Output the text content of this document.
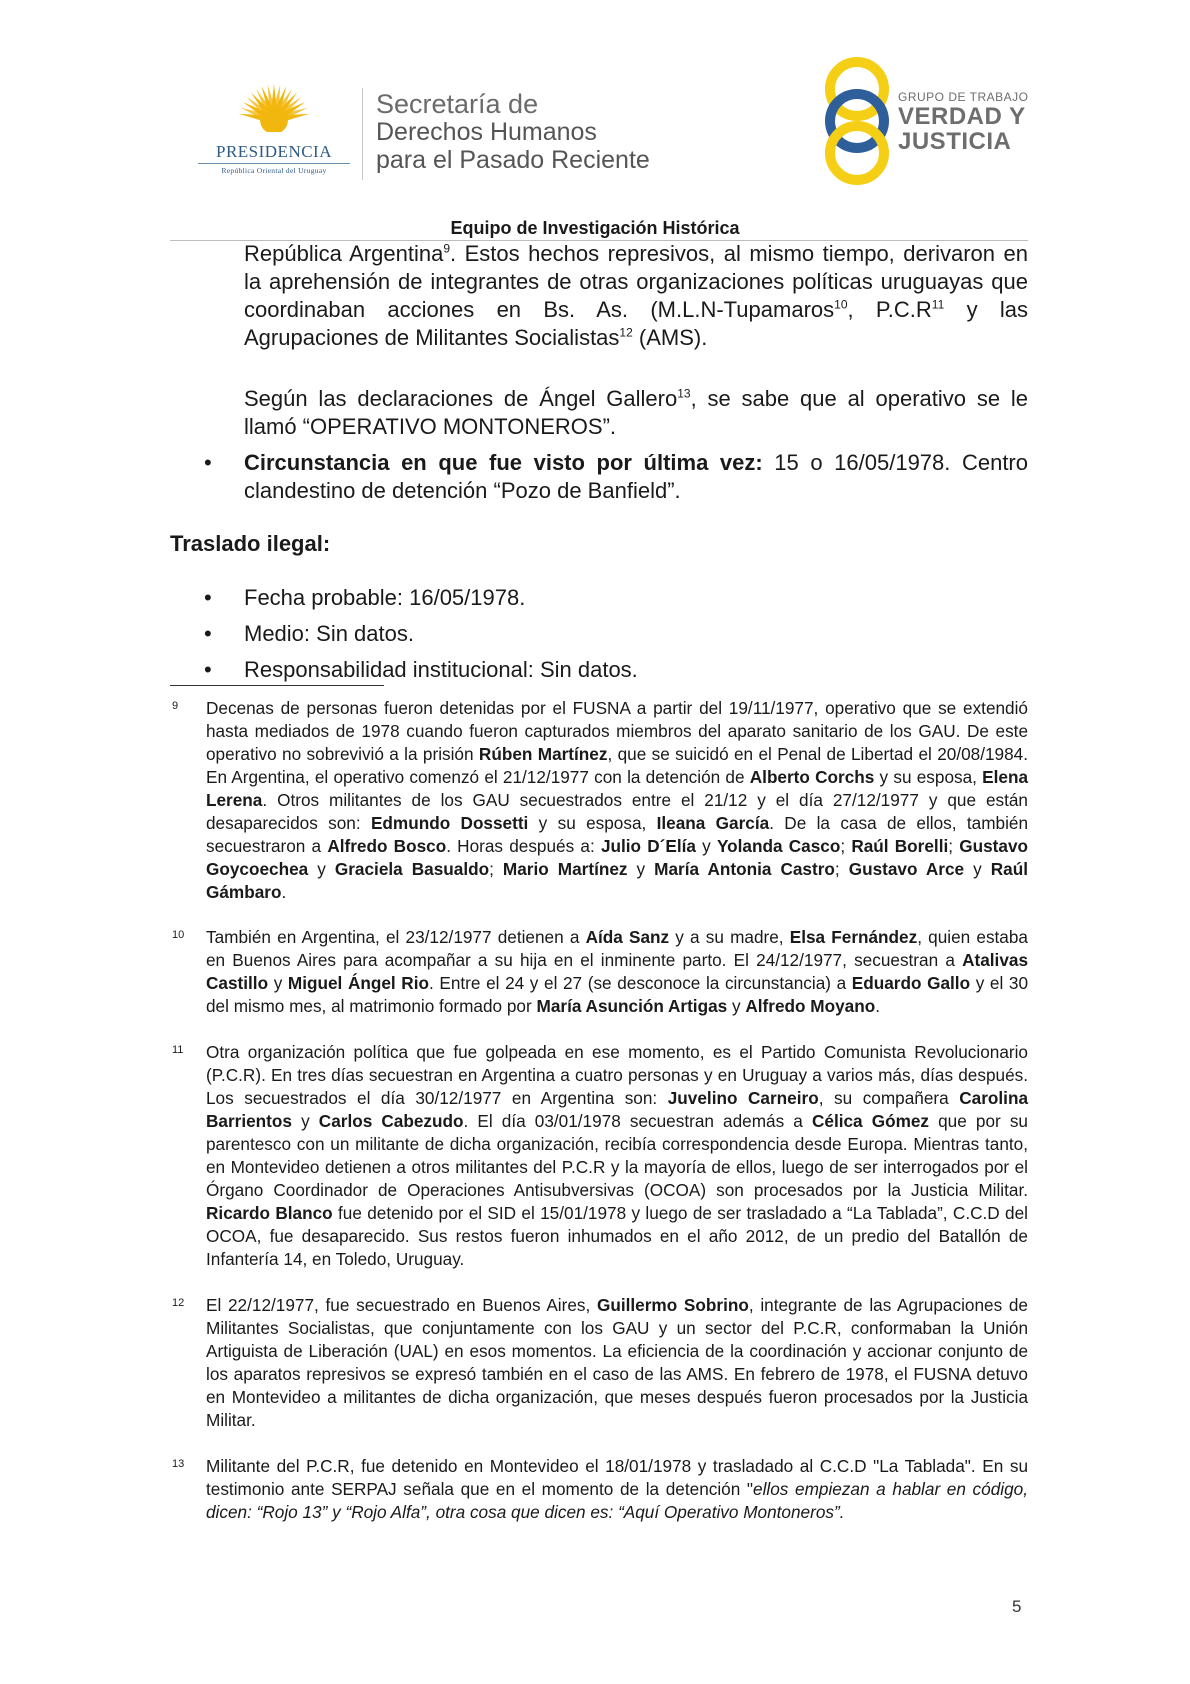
PRESIDENCIA
República Oriental del Uruguay
Secretaría de
Derechos Humanos
para el Pasado Reciente
GRUPO DE TRABAJO
VERDAD Y
JUSTICIA
Equipo de Investigación Histórica
República Argentina$^9$. Estos hechos represivos, al mismo tiempo, derivaron en la aprehensión de integrantes de otras organizaciones políticas uruguayas que coordinaban acciones en Bs. As. (M.L.N-Tupamaros$^{10}$, $P.C.R^{11}$ y las Agrupaciones de Militantes Socialistas$^{12}$ (AMS).
Según las declaraciones de Ángel Gallero$^{13}$, se sabe que al operativo se le llamó “OPERATIVO MONTONEROS”.
• Circunstancia en que fue visto por última vez: 15 o 16/05/1978. Centro clandestino de detención “Pozo de Banfield”.
Traslado ilegal:
• Fecha probable: 16/05/1978.
• Medio: Sin datos.
• Responsabilidad institucional: Sin datos.
9 Decenas de personas fueron detenidas por el FUSNA a partir del 19/11/1977, operativo que se extendió hasta mediados de 1978 cuando fueron capturados miembros del aparato sanitario de los GAU. De este operativo no sobrevivió a la prisión Rúben Martínez, que se suicidó en el Penal de Libertad el 20/08/1984. En Argentina, el operativo comenzó el 21/12/1977 con la detención de Alberto Corchs y su esposa, Elena Lerena. Otros militantes de los GAU secuestrados entre el 21/12 y el día 27/12/1977 y que están desaparecidos son: Edmundo Dossetti y su esposa, Ileana García. De la casa de ellos, también secuestraron a Alfredo Bosco. Horas después a: Julio D´Elía y Yolanda Casco; Raúl Borelli; Gustavo Goycoechea y Graciela Basualdo; Mario Martínez y María Antonia Castro; Gustavo Arce y Raúl Gámbaro.
10 También en Argentina, el 23/12/1977 detienen a Aída Sanz y a su madre, Elsa Fernández, quien estaba en Buenos Aires para acompañar a su hija en el inminente parto. El 24/12/1977, secuestran a Atalivas Castillo y Miguel Ángel Rio. Entre el 24 y el 27 (se desconoce la circunstancia) a Eduardo Gallo y el 30 del mismo mes, al matrimonio formado por María Asunción Artigas y Alfredo Moyano.
11 Otra organización política que fue golpeada en ese momento, es el Partido Comunista Revolucionario (P.C.R). En tres días secuestran en Argentina a cuatro personas y en Uruguay a varios más, días después. Los secuestrados el día 30/12/1977 en Argentina son: Juvelino Carneiro, su compañera Carolina Barrientos y Carlos Cabezudo. El día 03/01/1978 secuestran además a Célica Gómez que por su parentesco con un militante de dicha organización, recibía correspondencia desde Europa. Mientras tanto, en Montevideo detienen a otros militantes del P.C.R y la mayoría de ellos, luego de ser interrogados por el Órgano Coordinador de Operaciones Antisubversivas (OCOA) son procesados por la Justicia Militar. Ricardo Blanco fue detenido por el SID el 15/01/1978 y luego de ser trasladado a “La Tablada”, C.C.D del OCOA, fue desaparecido. Sus restos fueron inhumados en el año 2012, de un predio del Batallón de Infantería 14, en Toledo, Uruguay.
12 El 22/12/1977, fue secuestrado en Buenos Aires, Guillermo Sobrino, integrante de las Agrupaciones de Militantes Socialistas, que conjuntamente con los GAU y un sector del P.C.R, conformaban la Unión Artiguista de Liberación (UAL) en esos momentos. La eficiencia de la coordinación y accionar conjunto de los aparatos represivos se expresó también en el caso de las AMS. En febrero de 1978, el FUSNA detuvo en Montevideo a militantes de dicha organización, que meses después fueron procesados por la Justicia Militar.
13 Militante del P.C.R, fue detenido en Montevideo el 18/01/1978 y trasladado al C.C.D "La Tablada". En su testimonio ante SERPAJ señala que en el momento de la detención "ellos empiezan a hablar en código, dicen: “Rojo 13” y “Rojo Alfa”, otra cosa que dicen es: “Aquí Operativo Montoneros”.
5
